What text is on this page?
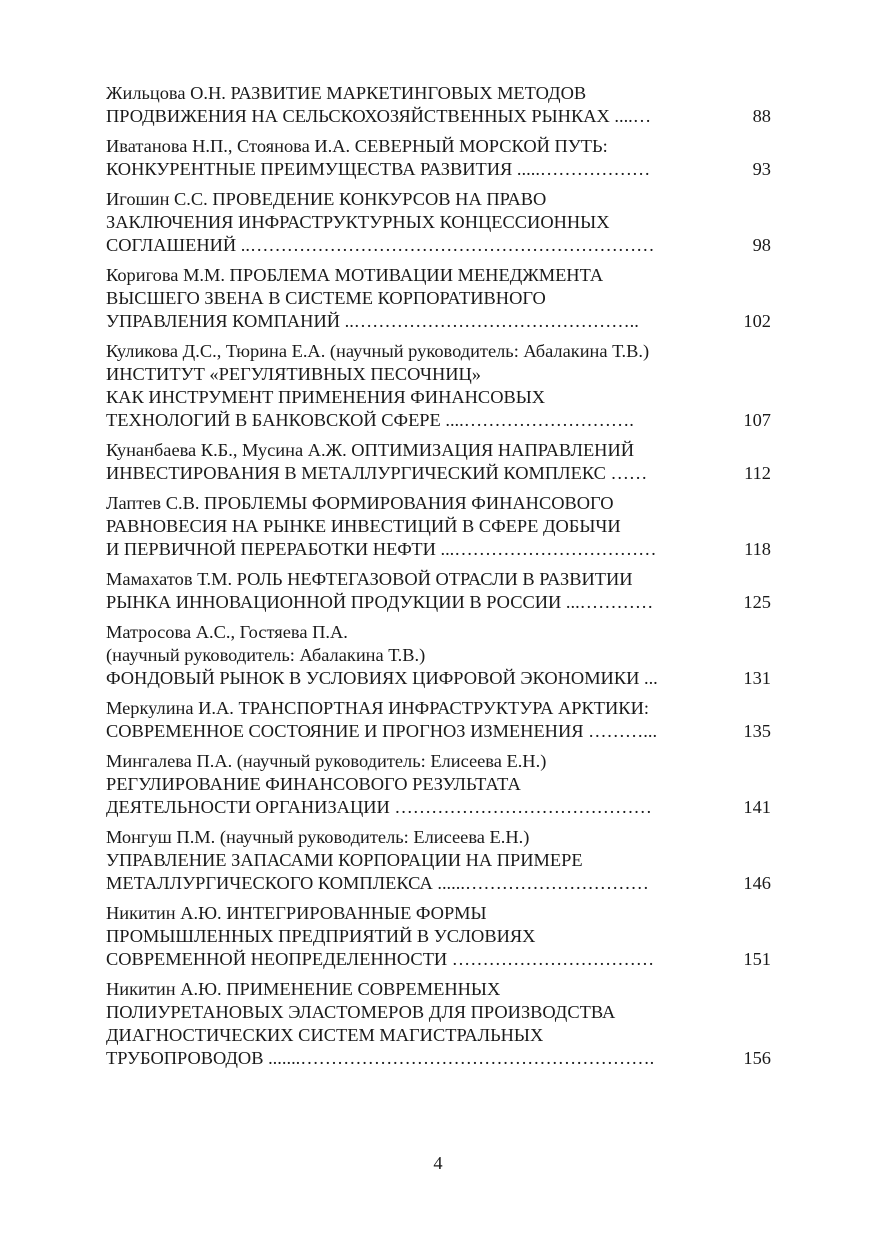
Жильцова О.Н. РАЗВИТИЕ МАРКЕТИНГОВЫХ МЕТОДОВ
ПРОДВИЖЕНИЯ НА СЕЛЬСКОХОЗЯЙСТВЕННЫХ РЫНКАХ ....…	88
Иватанова Н.П., Стоянова И.А. СЕВЕРНЫЙ МОРСКОЙ ПУТЬ:
КОНКУРЕНТНЫЕ ПРЕИМУЩЕСТВА РАЗВИТИЯ .....………………	93
Игошин С.С. ПРОВЕДЕНИЕ КОНКУРСОВ НА ПРАВО
ЗАКЛЮЧЕНИЯ ИНФРАСТРУКТУРНЫХ КОНЦЕССИОННЫХ
СОГЛАШЕНИЙ ..…………………………………………………………	98
Коригова М.М. ПРОБЛЕМА МОТИВАЦИИ МЕНЕДЖМЕНТА
ВЫСШЕГО ЗВЕНА В СИСТЕМЕ КОРПОРАТИВНОГО
УПРАВЛЕНИЯ КОМПАНИЙ ..………………………………………..	102
Куликова Д.С., Тюрина Е.А. (научный руководитель: Абалакина Т.В.)
ИНСТИТУТ «РЕГУЛЯТИВНЫХ ПЕСОЧНИЦ»
КАК ИНСТРУМЕНТ ПРИМЕНЕНИЯ ФИНАНСОВЫХ
ТЕХНОЛОГИЙ В БАНКОВСКОЙ СФЕРЕ ....……………………….	107
Кунанбаева К.Б., Мусина А.Ж. ОПТИМИЗАЦИЯ НАПРАВЛЕНИЙ
ИНВЕСТИРОВАНИЯ В МЕТАЛЛУРГИЧЕСКИЙ КОМПЛЕКС ……	112
Лаптев С.В. ПРОБЛЕМЫ ФОРМИРОВАНИЯ ФИНАНСОВОГО
РАВНОВЕСИЯ НА РЫНКЕ ИНВЕСТИЦИЙ В СФЕРЕ ДОБЫЧИ
И ПЕРВИЧНОЙ ПЕРЕРАБОТКИ НЕФТИ ...……………………………	118
Мамахатов Т.М. РОЛЬ НЕФТЕГАЗОВОЙ ОТРАСЛИ В РАЗВИТИИ
РЫНКА ИННОВАЦИОННОЙ ПРОДУКЦИИ В РОССИИ ...…………	125
Матросова А.С., Гостяева П.А.
(научный руководитель: Абалакина Т.В.)
ФОНДОВЫЙ РЫНОК В УСЛОВИЯХ ЦИФРОВОЙ ЭКОНОМИКИ ...	131
Меркулина И.А. ТРАНСПОРТНАЯ ИНФРАСТРУКТУРА АРКТИКИ:
СОВРЕМЕННОЕ СОСТОЯНИЕ И ПРОГНОЗ ИЗМЕНЕНИЯ ………...	135
Мингалева П.А. (научный руководитель: Елисеева Е.Н.)
РЕГУЛИРОВАНИЕ ФИНАНСОВОГО РЕЗУЛЬТАТА
ДЕЯТЕЛЬНОСТИ ОРГАНИЗАЦИИ ……………………………………	141
Монгуш П.М. (научный руководитель: Елисеева Е.Н.)
УПРАВЛЕНИЕ ЗАПАСАМИ КОРПОРАЦИИ НА ПРИМЕРЕ
МЕТАЛЛУРГИЧЕСКОГО КОМПЛЕКСА ......…………………………	146
Никитин А.Ю. ИНТЕГРИРОВАННЫЕ ФОРМЫ
ПРОМЫШЛЕННЫХ ПРЕДПРИЯТИЙ В УСЛОВИЯХ
СОВРЕМЕННОЙ НЕОПРЕДЕЛЕННОСТИ ……………………………	151
Никитин А.Ю. ПРИМЕНЕНИЕ СОВРЕМЕННЫХ
ПОЛИУРЕТАНОВЫХ ЭЛАСТОМЕРОВ ДЛЯ ПРОИЗВОДСТВА
ДИАГНОСТИЧЕСКИХ СИСТЕМ МАГИСТРАЛЬНЫХ
ТРУБОПРОВОДОВ .......………………………………………………….	156
4
